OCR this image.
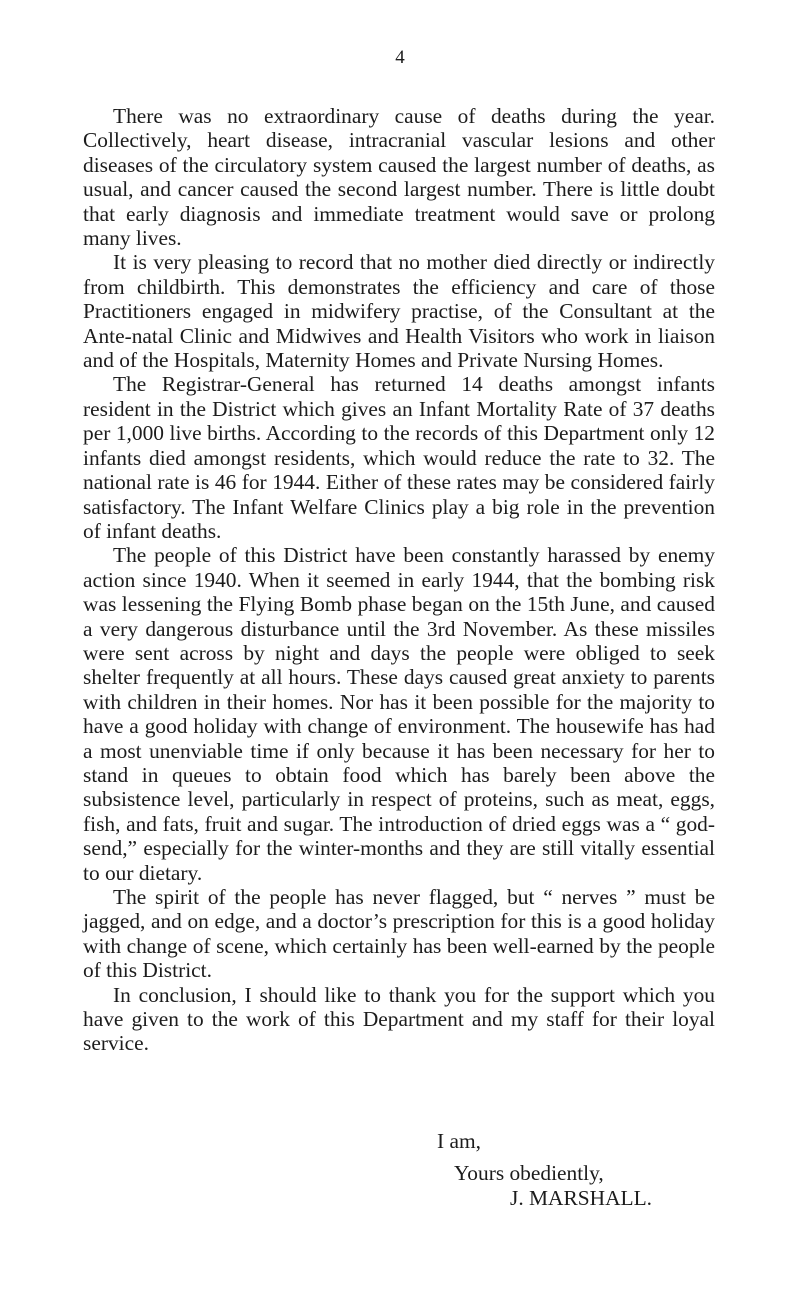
4

There was no extraordinary cause of deaths during the year. Collectively, heart disease, intracranial vascular lesions and other diseases of the circulatory system caused the largest number of deaths, as usual, and cancer caused the second largest number. There is little doubt that early diagnosis and immediate treatment would save or prolong many lives.

It is very pleasing to record that no mother died directly or indirectly from childbirth. This demonstrates the efficiency and care of those Practitioners engaged in midwifery practise, of the Consultant at the Ante-natal Clinic and Midwives and Health Visitors who work in liaison and of the Hospitals, Maternity Homes and Private Nursing Homes.

The Registrar-General has returned 14 deaths amongst infants resident in the District which gives an Infant Mortality Rate of 37 deaths per 1,000 live births. According to the records of this Department only 12 infants died amongst residents, which would reduce the rate to 32. The national rate is 46 for 1944. Either of these rates may be considered fairly satisfactory. The Infant Welfare Clinics play a big role in the prevention of infant deaths.

The people of this District have been constantly harassed by enemy action since 1940. When it seemed in early 1944, that the bombing risk was lessening the Flying Bomb phase began on the 15th June, and caused a very dangerous disturbance until the 3rd November. As these missiles were sent across by night and days the people were obliged to seek shelter frequently at all hours. These days caused great anxiety to parents with children in their homes. Nor has it been possible for the majority to have a good holiday with change of environment. The housewife has had a most unenviable time if only because it has been necessary for her to stand in queues to obtain food which has barely been above the subsistence level, particularly in respect of proteins, such as meat, eggs, fish, and fats, fruit and sugar. The introduction of dried eggs was a “ god-send,” especially for the winter-months and they are still vitally essential to our dietary.

The spirit of the people has never flagged, but “ nerves ” must be jagged, and on edge, and a doctor’s prescription for this is a good holiday with change of scene, which certainly has been well-earned by the people of this District.

In conclusion, I should like to thank you for the support which you have given to the work of this Department and my staff for their loyal service.

I am,
Yours obediently,
J. MARSHALL.
